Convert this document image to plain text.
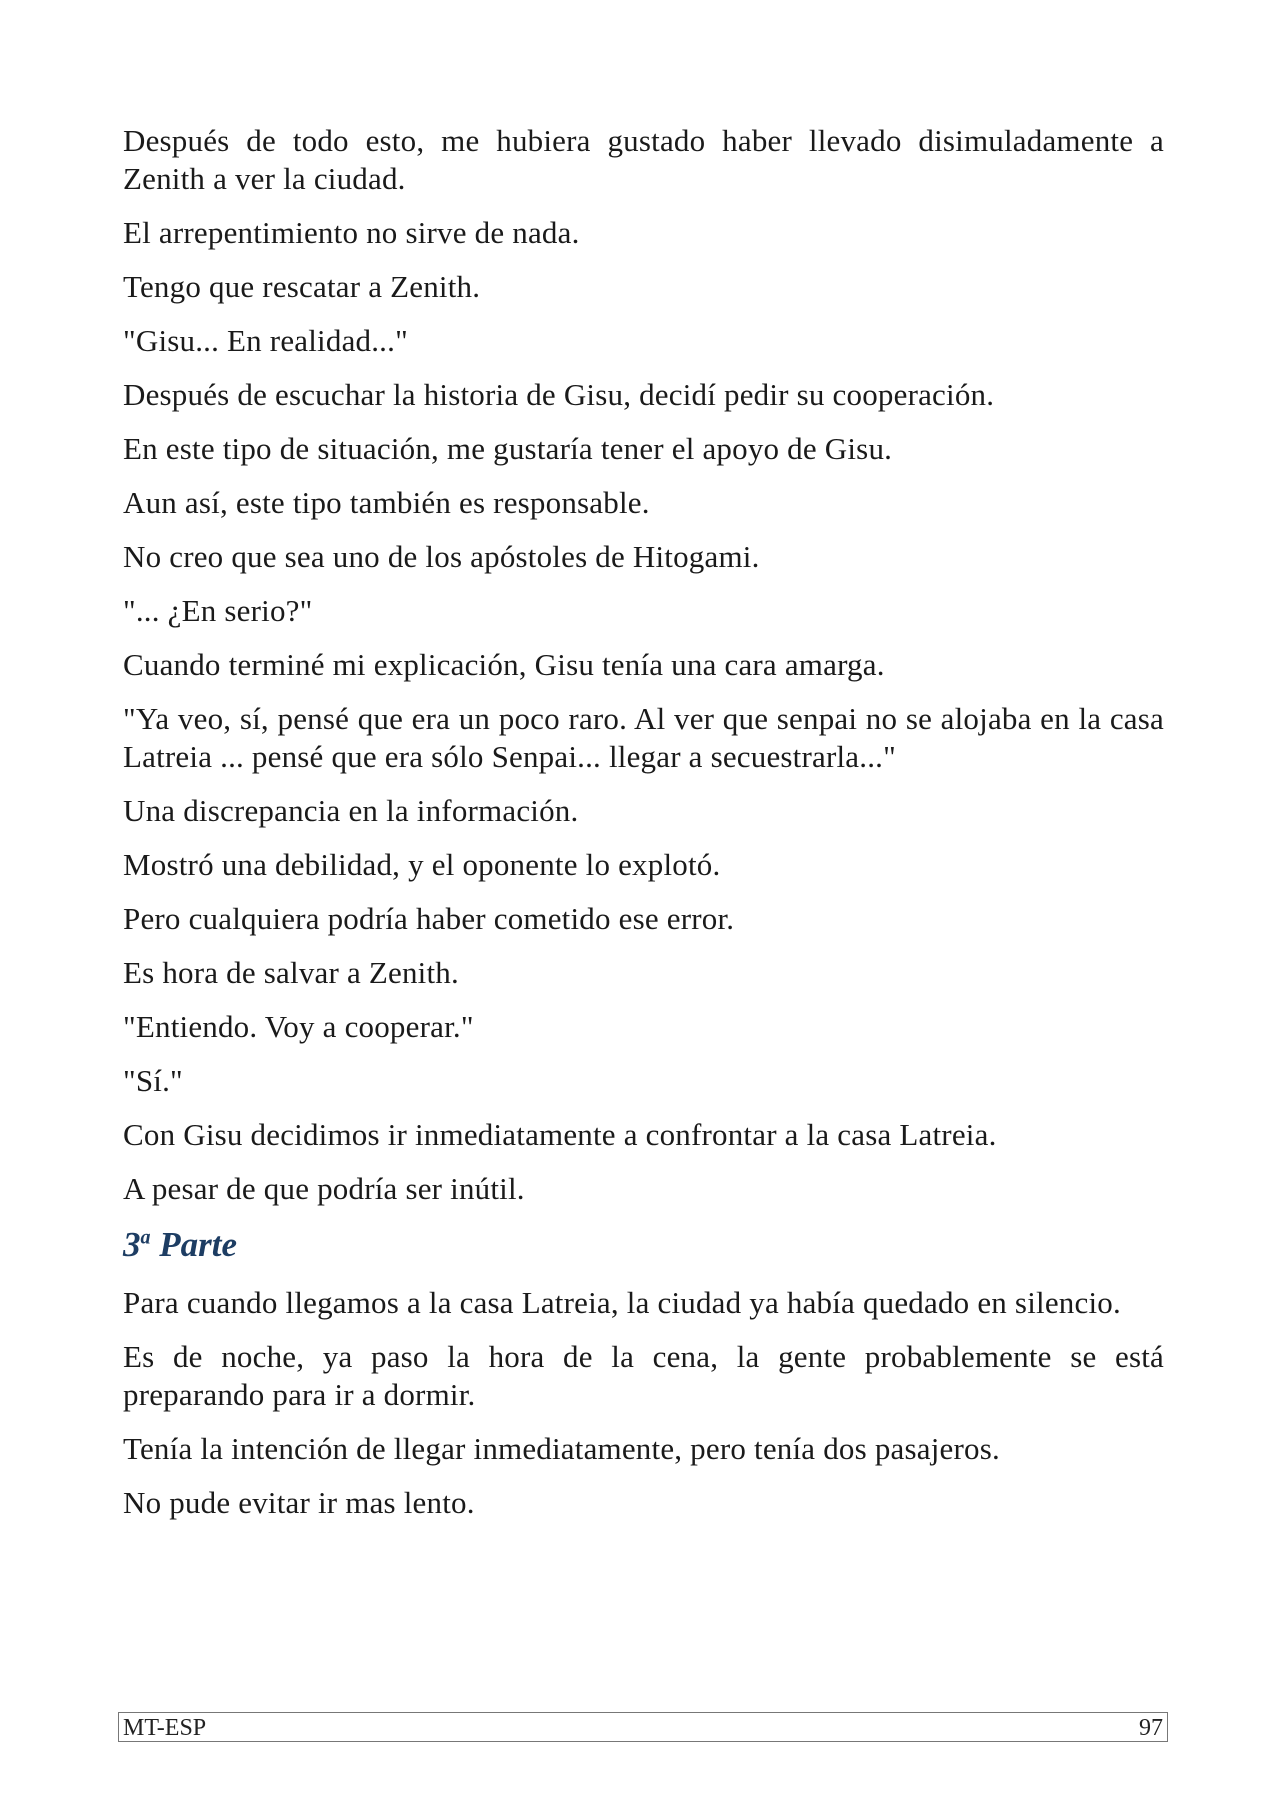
Después de todo esto, me hubiera gustado haber llevado disimuladamente a Zenith a ver la ciudad.

El arrepentimiento no sirve de nada.

Tengo que rescatar a Zenith.

"Gisu... En realidad..."

Después de escuchar la historia de Gisu, decidí pedir su cooperación.

En este tipo de situación, me gustaría tener el apoyo de Gisu.

Aun así, este tipo también es responsable.

No creo que sea uno de los apóstoles de Hitogami.

"... ¿En serio?"

Cuando terminé mi explicación, Gisu tenía una cara amarga.

"Ya veo, sí, pensé que era un poco raro. Al ver que senpai no se alojaba en la casa Latreia ... pensé que era sólo Senpai... llegar a secuestrarla..."

Una discrepancia en la información.

Mostró una debilidad, y el oponente lo explotó.

Pero cualquiera podría haber cometido ese error.

Es hora de salvar a Zenith.

"Entiendo. Voy a cooperar."

"Sí."

Con Gisu decidimos ir inmediatamente a confrontar a la casa Latreia.

A pesar de que podría ser inútil.

3$^a$ Parte

Para cuando llegamos a la casa Latreia, la ciudad ya había quedado en silencio.

Es de noche, ya paso la hora de la cena, la gente probablemente se está preparando para ir a dormir.

Tenía la intención de llegar inmediatamente, pero tenía dos pasajeros.

No pude evitar ir mas lento.

MT-ESP	97
